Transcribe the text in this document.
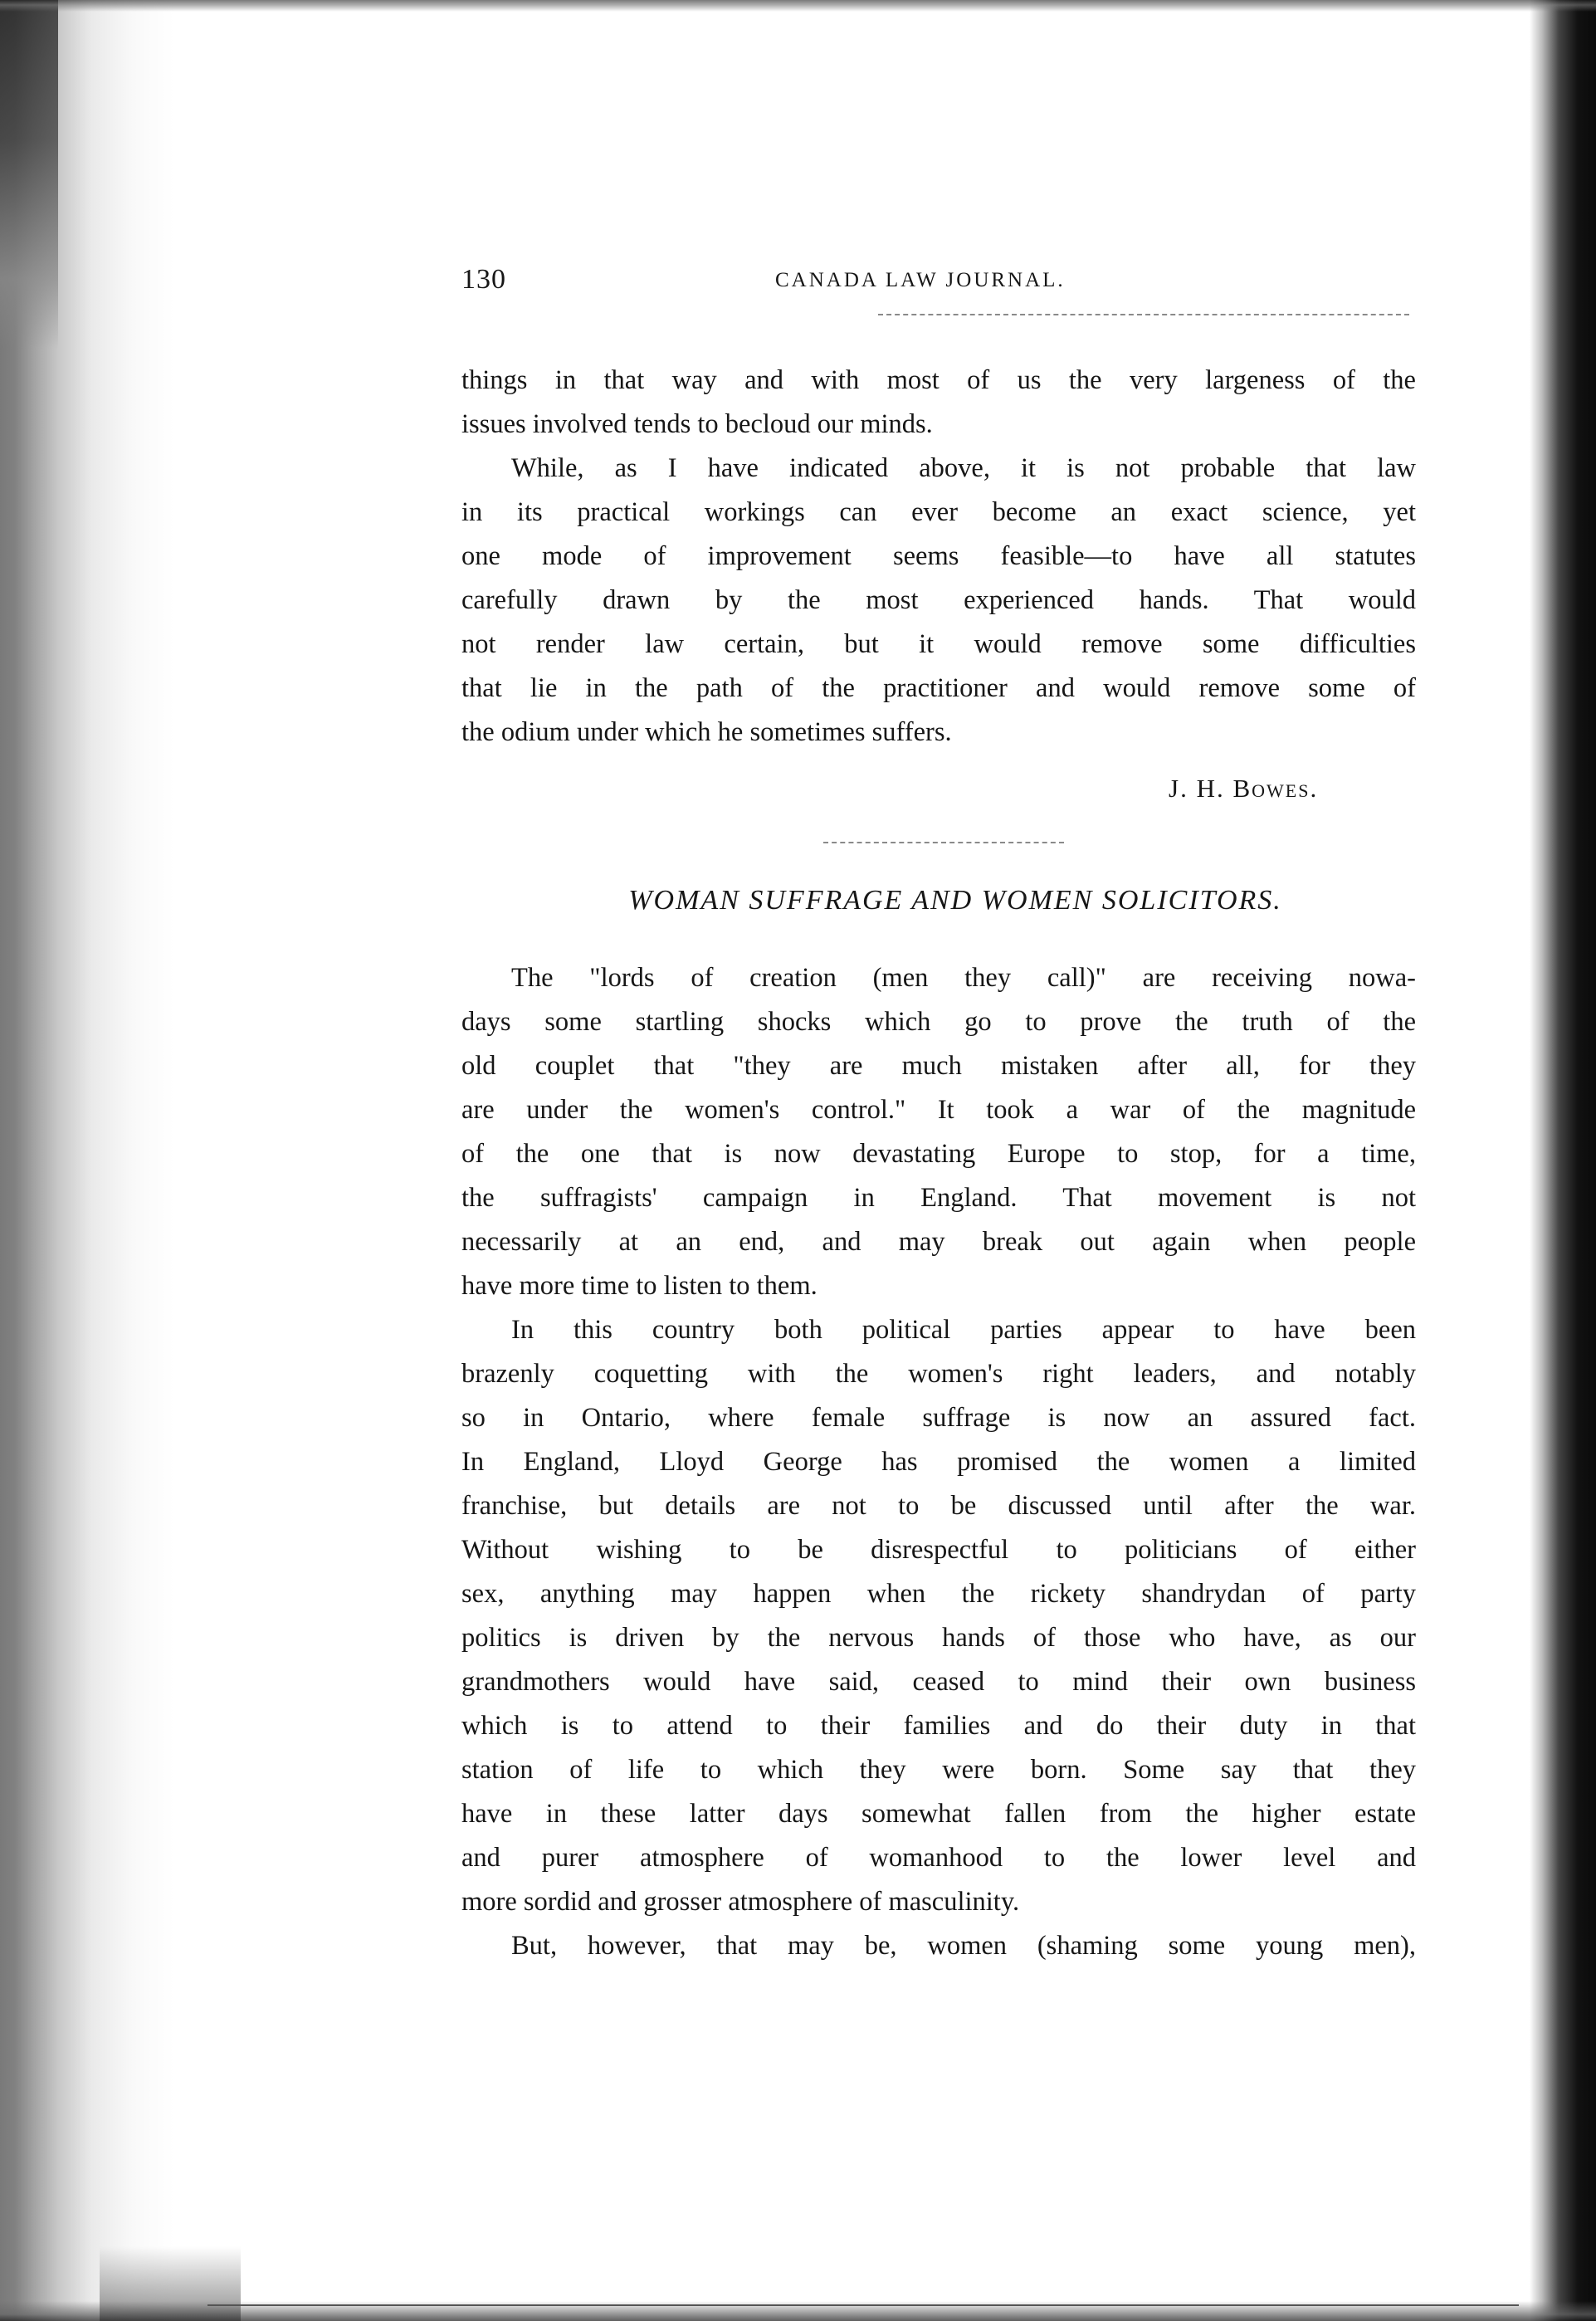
130	CANADA LAW JOURNAL.
things in that way and with most of us the very largeness of the
issues involved tends to becloud our minds.
While, as I have indicated above, it is not probable that law
in its practical workings can ever become an exact science, yet
one mode of improvement seems feasible—to have all statutes
carefully drawn by the most experienced hands. That would
not render law certain, but it would remove some difficulties
that lie in the path of the practitioner and would remove some of
the odium under which he sometimes suffers.
J. H. Bowes.
WOMAN SUFFRAGE AND WOMEN SOLICITORS.
The "lords of creation (men they call)" are receiving nowa-
days some startling shocks which go to prove the truth of the
old couplet that "they are much mistaken after all, for they
are under the women's control." It took a war of the magnitude
of the one that is now devastating Europe to stop, for a time,
the suffragists' campaign in England. That movement is not
necessarily at an end, and may break out again when people
have more time to listen to them.
In this country both political parties appear to have been
brazenly coquetting with the women's right leaders, and notably
so in Ontario, where female suffrage is now an assured fact.
In England, Lloyd George has promised the women a limited
franchise, but details are not to be discussed until after the war.
Without wishing to be disrespectful to politicians of either
sex, anything may happen when the rickety shandrydan of party
politics is driven by the nervous hands of those who have, as our
grandmothers would have said, ceased to mind their own business
which is to attend to their families and do their duty in that
station of life to which they were born. Some say that they
have in these latter days somewhat fallen from the higher estate
and purer atmosphere of womanhood to the lower level and
more sordid and grosser atmosphere of masculinity.
But, however, that may be, women (shaming some young men),
